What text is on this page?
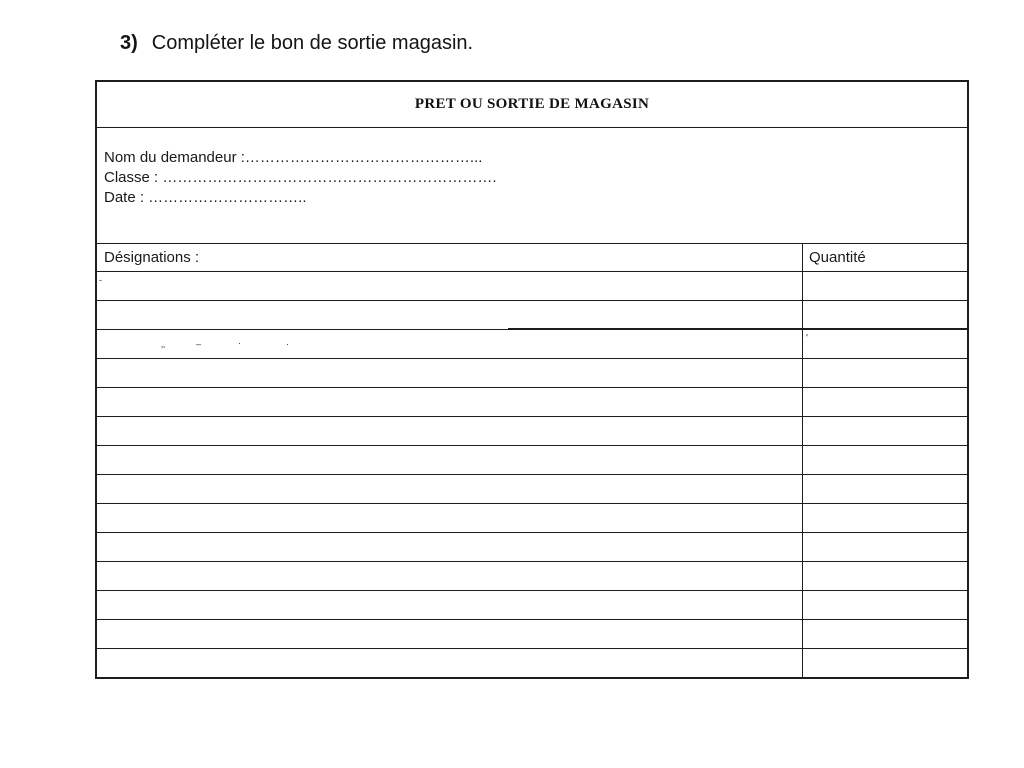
3) Compléter le bon de sortie magasin.
PRET OU SORTIE DE MAGASIN
Nom du demandeur :………………………………………...
Classe : ………………………………………………………….
Date : …………………………..
Désignations :	Quantité
-
‚‚	‒	·	·	'
